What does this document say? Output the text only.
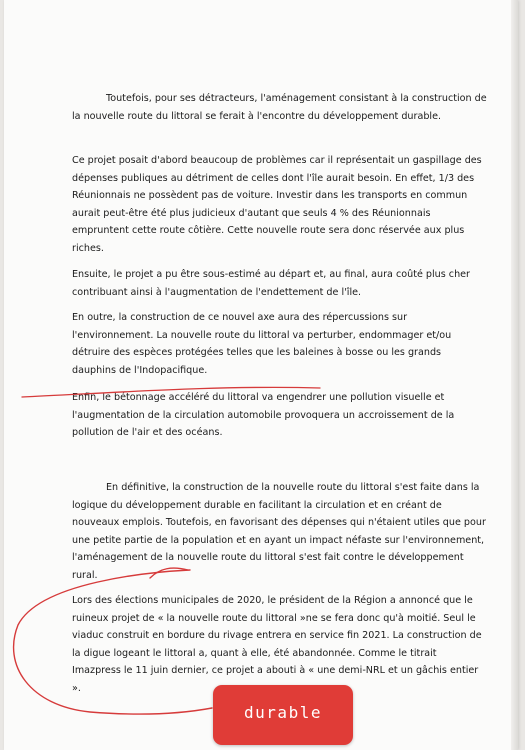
Toutefois, pour ses détracteurs, l'aménagement consistant à la construction de la nouvelle route du littoral se ferait à l'encontre du développement durable.

Ce projet posait d'abord beaucoup de problèmes car il représentait un gaspillage des dépenses publiques au détriment de celles dont l'île aurait besoin. En effet, 1/3 des Réunionnais ne possèdent pas de voiture. Investir dans les transports en commun aurait peut-être été plus judicieux d'autant que seuls 4 % des Réunionnais empruntent cette route côtière. Cette nouvelle route sera donc réservée aux plus riches.

Ensuite, le projet a pu être sous-estimé au départ et, au final, aura coûté plus cher contribuant ainsi à l'augmentation de l'endettement de l'île.

En outre, la construction de ce nouvel axe aura des répercussions sur l'environnement. La nouvelle route du littoral va perturber, endommager et/ou détruire des espèces protégées telles que les baleines à bosse ou les grands dauphins de l'Indopacifique.

Enfin, le bétonnage accéléré du littoral va engendrer une pollution visuelle et l'augmentation de la circulation automobile provoquera un accroissement de la pollution de l'air et des océans.

En définitive, la construction de la nouvelle route du littoral s'est faite dans la logique du développement durable en facilitant la circulation et en créant de nouveaux emplois. Toutefois, en favorisant des dépenses qui n'étaient utiles que pour une petite partie de la population et en ayant un impact néfaste sur l'environnement, l'aménagement de la nouvelle route du littoral s'est fait contre le développement rural.

Lors des élections municipales de 2020, le président de la Région a annoncé que le ruineux projet de « la nouvelle route du littoral »ne se fera donc qu'à moitié. Seul le viaduc construit en bordure du rivage entrera en service fin 2021. La construction de la digue logeant le littoral a, quant à elle, été abandonnée. Comme le titrait Imazpress le 11 juin dernier, ce projet a abouti à « une demi-NRL et un gâchis entier ».

durable
